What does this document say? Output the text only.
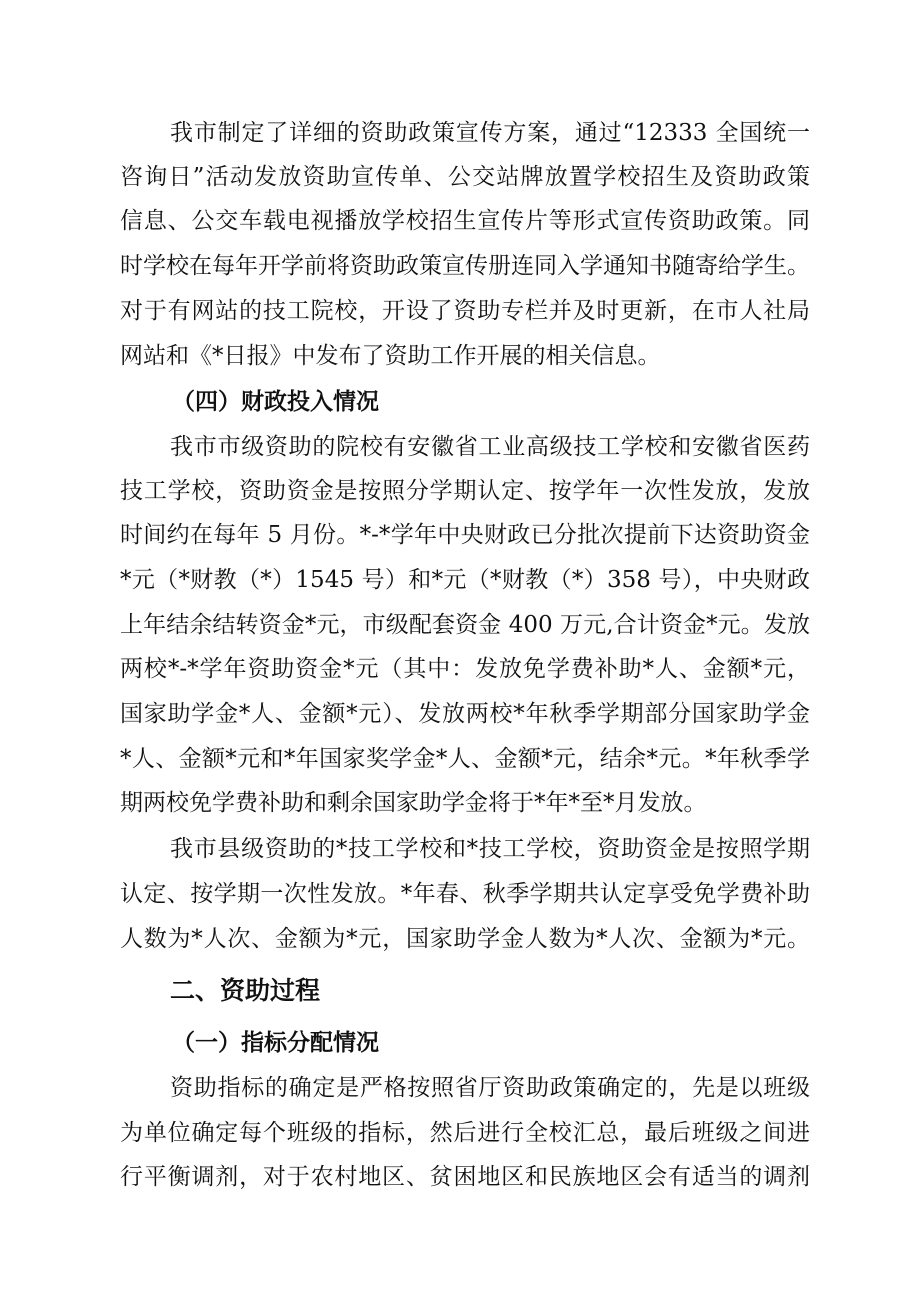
我市制定了详细的资助政策宣传方案，通过“12333 全国统一
咨询日”活动发放资助宣传单、公交站牌放置学校招生及资助政策
信息、公交车载电视播放学校招生宣传片等形式宣传资助政策。同
时学校在每年开学前将资助政策宣传册连同入学通知书随寄给学生。
对于有网站的技工院校，开设了资助专栏并及时更新，在市人社局
网站和《*日报》中发布了资助工作开展的相关信息。
（四）财政投入情况
我市市级资助的院校有安徽省工业高级技工学校和安徽省医药
技工学校，资助资金是按照分学期认定、按学年一次性发放，发放
时间约在每年 5 月份。*-*学年中央财政已分批次提前下达资助资金
*元（*财教（*）1545 号）和*元（*财教（*）358 号），中央财政
上年结余结转资金*元，市级配套资金 400 万元,合计资金*元。发放
两校*-*学年资助资金*元（其中：发放免学费补助*人、金额*元，
国家助学金*人、金额*元）、发放两校*年秋季学期部分国家助学金
*人、金额*元和*年国家奖学金*人、金额*元，结余*元。*年秋季学
期两校免学费补助和剩余国家助学金将于*年*至*月发放。
我市县级资助的*技工学校和*技工学校，资助资金是按照学期
认定、按学期一次性发放。*年春、秋季学期共认定享受免学费补助
人数为*人次、金额为*元，国家助学金人数为*人次、金额为*元。
二、资助过程
（一）指标分配情况
资助指标的确定是严格按照省厅资助政策确定的，先是以班级
为单位确定每个班级的指标，然后进行全校汇总，最后班级之间进
行平衡调剂，对于农村地区、贫困地区和民族地区会有适当的调剂
